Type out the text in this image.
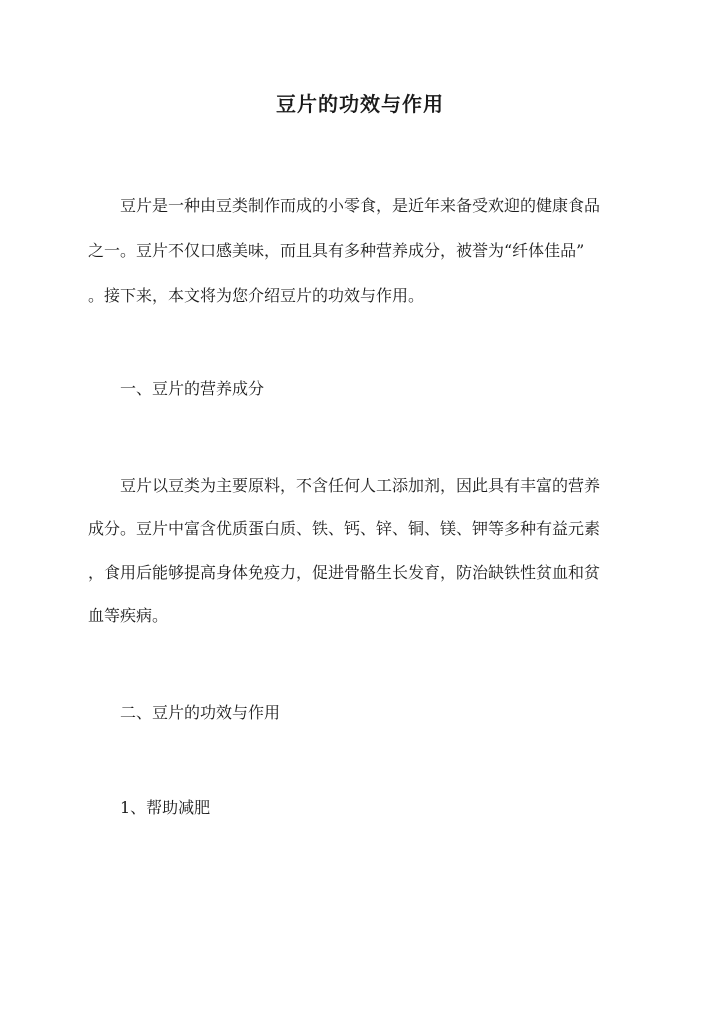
豆片的功效与作用
豆片是一种由豆类制作而成的小零食，是近年来备受欢迎的健康食品
之一。豆片不仅口感美味，而且具有多种营养成分，被誉为“纤体佳品”
。接下来，本文将为您介绍豆片的功效与作用。
一、豆片的营养成分
豆片以豆类为主要原料，不含任何人工添加剂，因此具有丰富的营养
成分。豆片中富含优质蛋白质、铁、钙、锌、铜、镁、钾等多种有益元素
，食用后能够提高身体免疫力，促进骨骼生长发育，防治缺铁性贫血和贫
血等疾病。
二、豆片的功效与作用
1、帮助减肥
